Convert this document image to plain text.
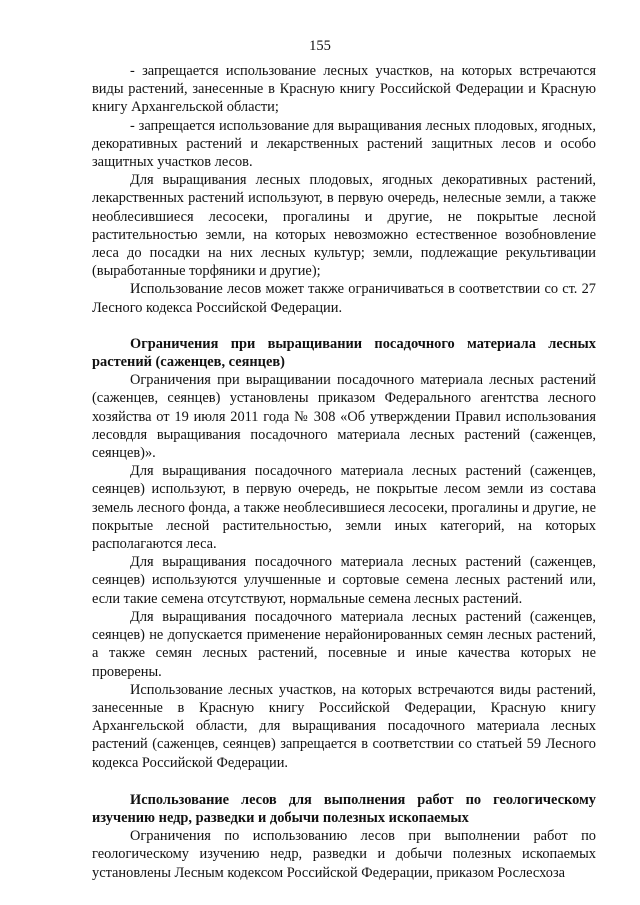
155

- запрещается использование лесных участков, на которых встречаются виды растений, занесенные в Красную книгу Российской Федерации и Красную книгу Архангельской области;

- запрещается использование для выращивания лесных плодовых, ягодных, декоративных растений и лекарственных растений защитных лесов и особо защитных участков лесов.

Для выращивания лесных плодовых, ягодных декоративных растений, лекарственных растений используют, в первую очередь, нелесные земли, а также необлесившиеся лесосеки, прогалины и другие, не покрытые лесной растительностью земли, на которых невозможно естественное возобновление леса до посадки на них лесных культур; земли, подлежащие рекультивации (выработанные торфяники и другие);

Использование лесов может также ограничиваться в соответствии со ст. 27 Лесного кодекса Российской Федерации.

Ограничения при выращивании посадочного материала лесных растений (саженцев, сеянцев)

Ограничения при выращивании посадочного материала лесных растений (саженцев, сеянцев) установлены приказом Федерального агентства лесного хозяйства от 19 июля 2011 года № 308 «Об утверждении Правил использования лесовдля выращивания посадочного материала лесных растений (саженцев, сеянцев)».

Для выращивания посадочного материала лесных растений (саженцев, сеянцев) используют, в первую очередь, не покрытые лесом земли из состава земель лесного фонда, а также необлесившиеся лесосеки, прогалины и другие, не покрытые лесной растительностью, земли иных категорий, на которых располагаются леса.

Для выращивания посадочного материала лесных растений (саженцев, сеянцев) используются улучшенные и сортовые семена лесных растений или, если такие семена отсутствуют, нормальные семена лесных растений.

Для выращивания посадочного материала лесных растений (саженцев, сеянцев) не допускается применение нерайонированных семян лесных растений, а также семян лесных растений, посевные и иные качества которых не проверены.

Использование лесных участков, на которых встречаются виды растений, занесенные в Красную книгу Российской Федерации, Красную книгу Архангельской области, для выращивания посадочного материала лесных растений (саженцев, сеянцев) запрещается в соответствии со статьей 59 Лесного кодекса Российской Федерации.

Использование лесов для выполнения работ по геологическому изучению недр, разведки и добычи полезных ископаемых

Ограничения по использованию лесов при выполнении работ по геологическому изучению недр, разведки и добычи полезных ископаемых установлены Лесным кодексом Российской Федерации, приказом Рослесхоза
